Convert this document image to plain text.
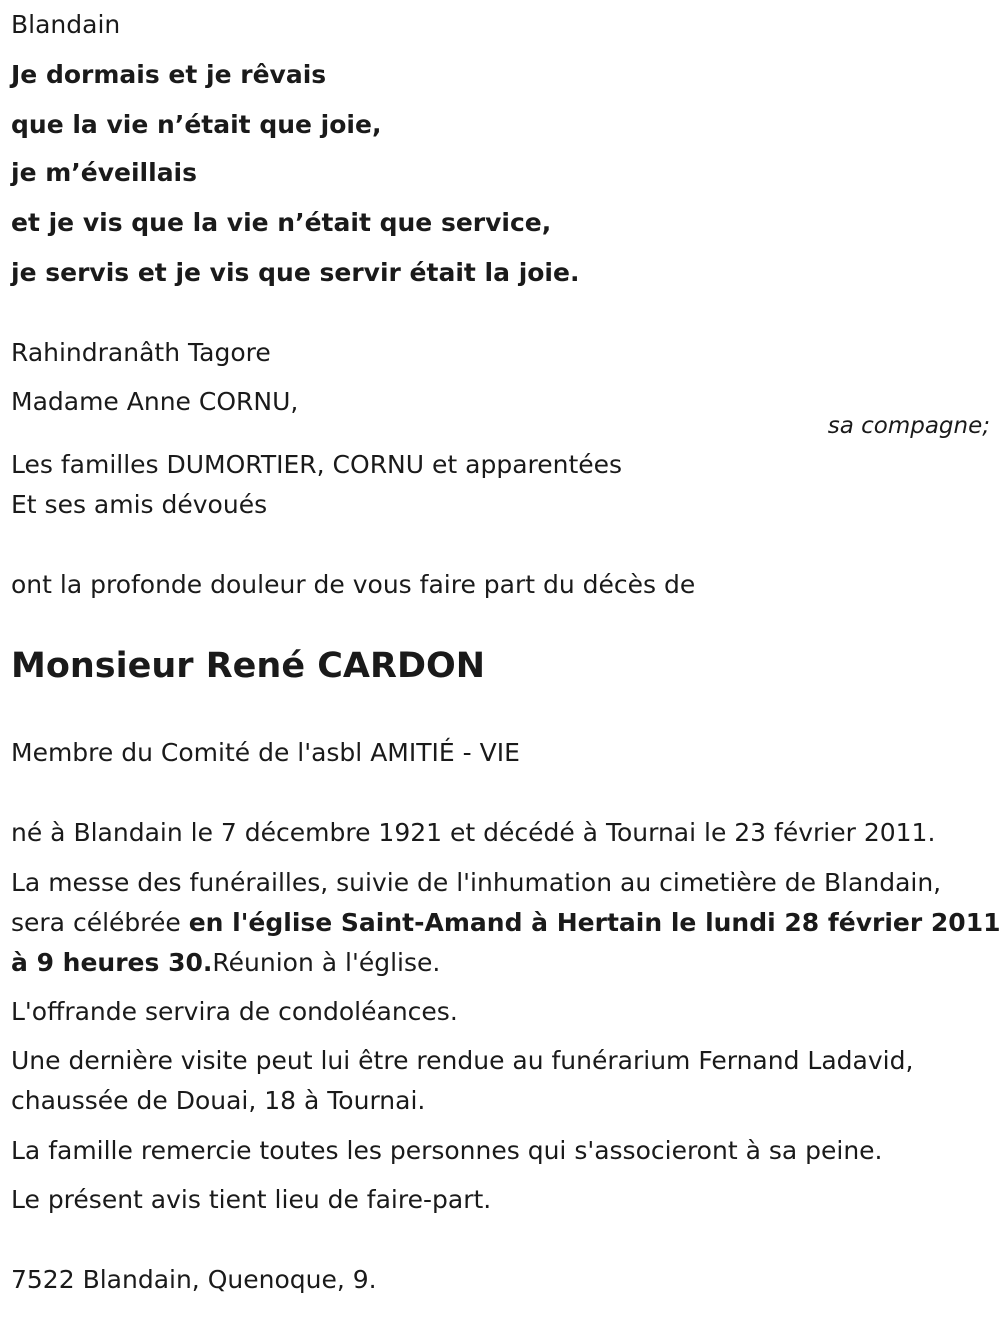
Blandain
Je dormais et je rêvais
que la vie n’était que joie,
je m’éveillais
et je vis que la vie n’était que service,
je servis et je vis que servir était la joie.
Rahindranâth Tagore
Madame Anne CORNU,
sa compagne;
Les familles DUMORTIER, CORNU et apparentées
Et ses amis dévoués
ont la profonde douleur de vous faire part du décès de
Monsieur René CARDON
Membre du Comité de l'asbl AMITIÉ - VIE
né à Blandain le 7 décembre 1921 et décédé à Tournai le 23 février 2011.
La messe des funérailles, suivie de l'inhumation au cimetière de Blandain,
sera célébrée en l'église Saint-Amand à Hertain le lundi 28 février 2011
à 9 heures 30.Réunion à l'église.
L'offrande servira de condoléances.
Une dernière visite peut lui être rendue au funérarium Fernand Ladavid,
chaussée de Douai, 18 à Tournai.
La famille remercie toutes les personnes qui s'associeront à sa peine.
Le présent avis tient lieu de faire-part.
7522 Blandain, Quenoque, 9.
